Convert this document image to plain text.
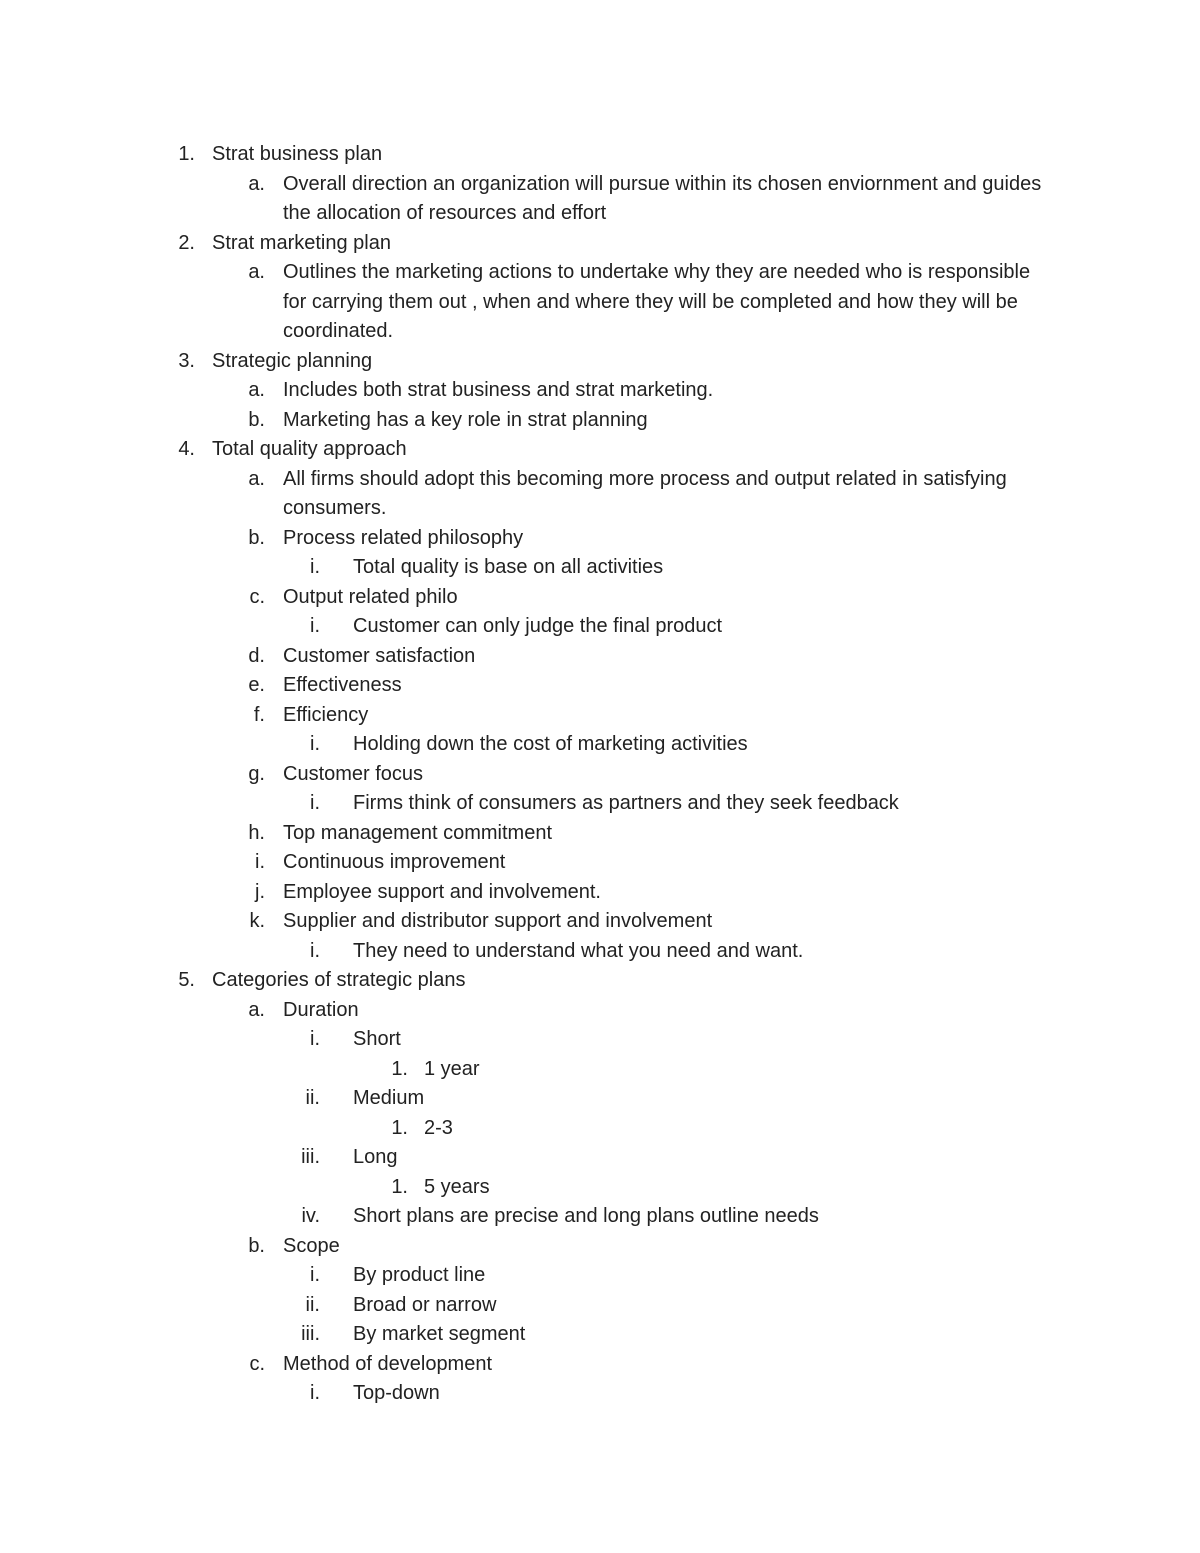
1. Strat business plan
a. Overall direction an organization will pursue within its chosen enviornment and guides the allocation of resources and effort
2. Strat marketing plan
a. Outlines the marketing actions to undertake why they are needed who is responsible for carrying them out , when and where they will be completed and how they will be coordinated.
3. Strategic planning
a. Includes both strat business and strat marketing.
b. Marketing has a key role in strat planning
4. Total quality approach
a. All firms should adopt this becoming more process and output related in satisfying consumers.
b. Process related philosophy
i. Total quality is base on all activities
c. Output related philo
i. Customer can only judge the final product
d. Customer satisfaction
e. Effectiveness
f. Efficiency
i. Holding down the cost of marketing activities
g. Customer focus
i. Firms think of consumers as partners and they seek feedback
h. Top management commitment
i. Continuous improvement
j. Employee support and involvement.
k. Supplier and distributor support and involvement
i. They need to understand what you need and want.
5. Categories of strategic plans
a. Duration
i. Short
1. 1 year
ii. Medium
1. 2-3
iii. Long
1. 5 years
iv. Short plans are precise and long plans outline needs
b. Scope
i. By product line
ii. Broad or narrow
iii. By market segment
c. Method of development
i. Top-down
